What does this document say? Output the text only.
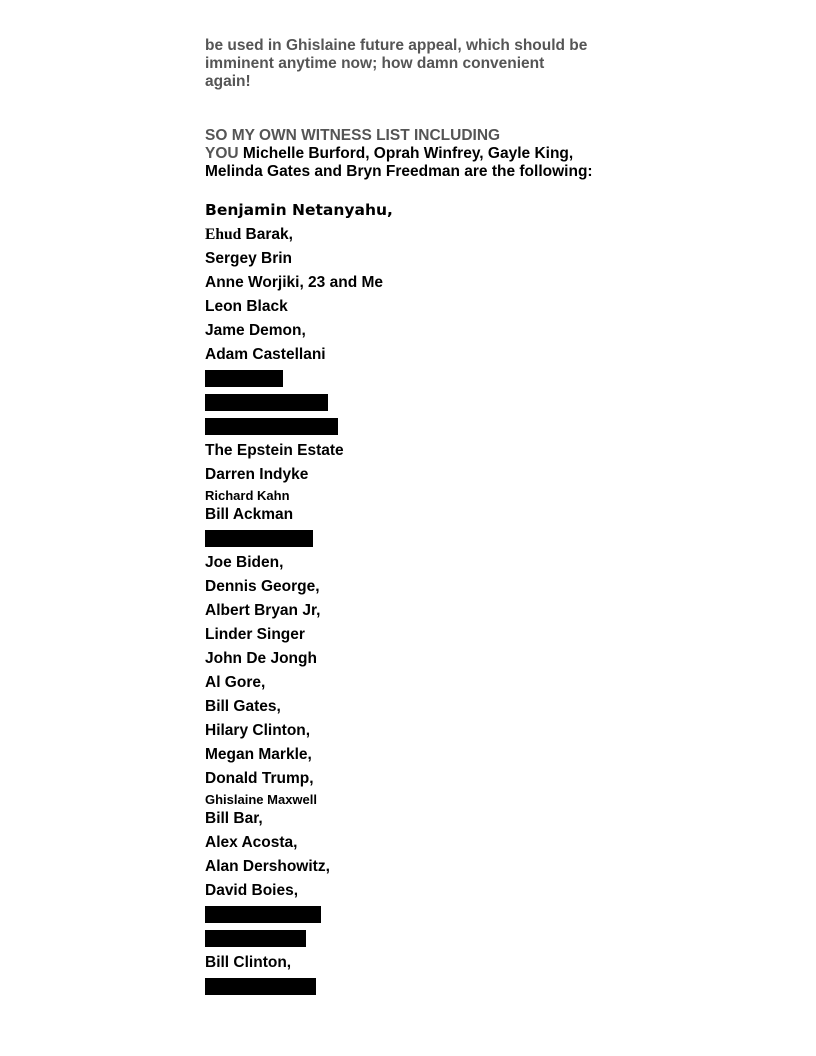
be used in Ghislaine future appeal, which should be

imminent anytime now; how damn convenient

again!

SO MY OWN WITNESS LIST INCLUDING

YOU Michelle Burford, Oprah Winfrey, Gayle King,

Melinda Gates and Bryn Freedman are the following:

Benjamin Netanyahu,

Ehud Barak,

Sergey Brin

Anne Worjiki, 23 and Me

Leon Black

Jame Demon,

Adam Castellani

The Epstein Estate

Darren Indyke

Richard Kahn

Bill Ackman

Joe Biden,

Dennis George,

Albert Bryan Jr,

Linder Singer

John De Jongh

Al Gore,

Bill Gates,

Hilary Clinton,

Megan Markle,

Donald Trump,

Ghislaine Maxwell

Bill Bar,

Alex Acosta,

Alan Dershowitz,

David Boies,

Bill Clinton,
